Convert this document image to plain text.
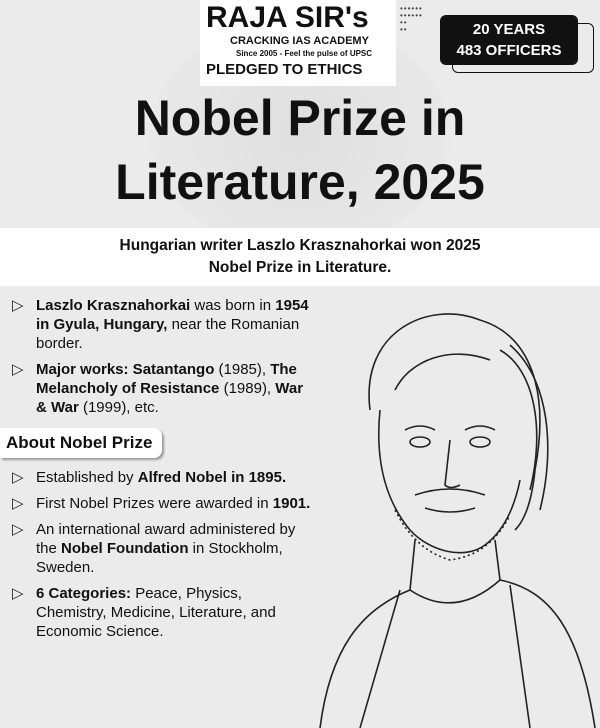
RAJA SIR's
CRACKING IAS ACADEMY
Since 2005 - Feel the pulse of UPSC
PLEDGED TO ETHICS
••••••
••••••
••
••	20 YEARS
483 OFFICERS
Nobel Prize in
Literature, 2025
Hungarian writer Laszlo Krasznahorkai won 2025
Nobel Prize in Literature.
▷ Laszlo Krasznahorkai was born in 1954 in Gyula, Hungary, near the Romanian border.
▷ Major works: Satantango (1985), The Melancholy of Resistance (1989), War & War (1999), etc.
About Nobel Prize
▷ Established by Alfred Nobel in 1895.
▷ First Nobel Prizes were awarded in 1901.
▷ An international award administered by the Nobel Foundation in Stockholm, Sweden.
▷ 6 Categories: Peace, Physics, Chemistry, Medicine, Literature, and Economic Science.
